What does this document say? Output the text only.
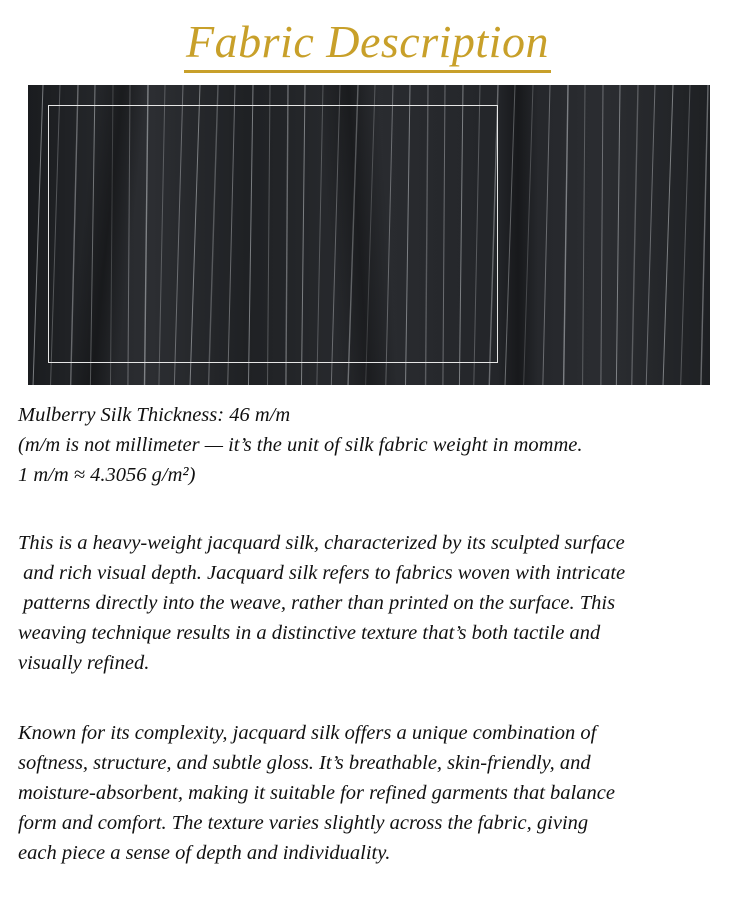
Fabric Description

Mulberry Silk Thickness: 46 m/m
(m/m is not millimeter — it’s the unit of silk fabric weight in momme.
1 m/m ≈ 4.3056 g/m²)

This is a heavy-weight jacquard silk, characterized by its sculpted surface
and rich visual depth. Jacquard silk refers to fabrics woven with intricate
patterns directly into the weave, rather than printed on the surface. This
weaving technique results in a distinctive texture that’s both tactile and
visually refined.

Known for its complexity, jacquard silk offers a unique combination of
softness, structure, and subtle gloss. It’s breathable, skin-friendly, and
moisture-absorbent, making it suitable for refined garments that balance
form and comfort. The texture varies slightly across the fabric, giving
each piece a sense of depth and individuality.
